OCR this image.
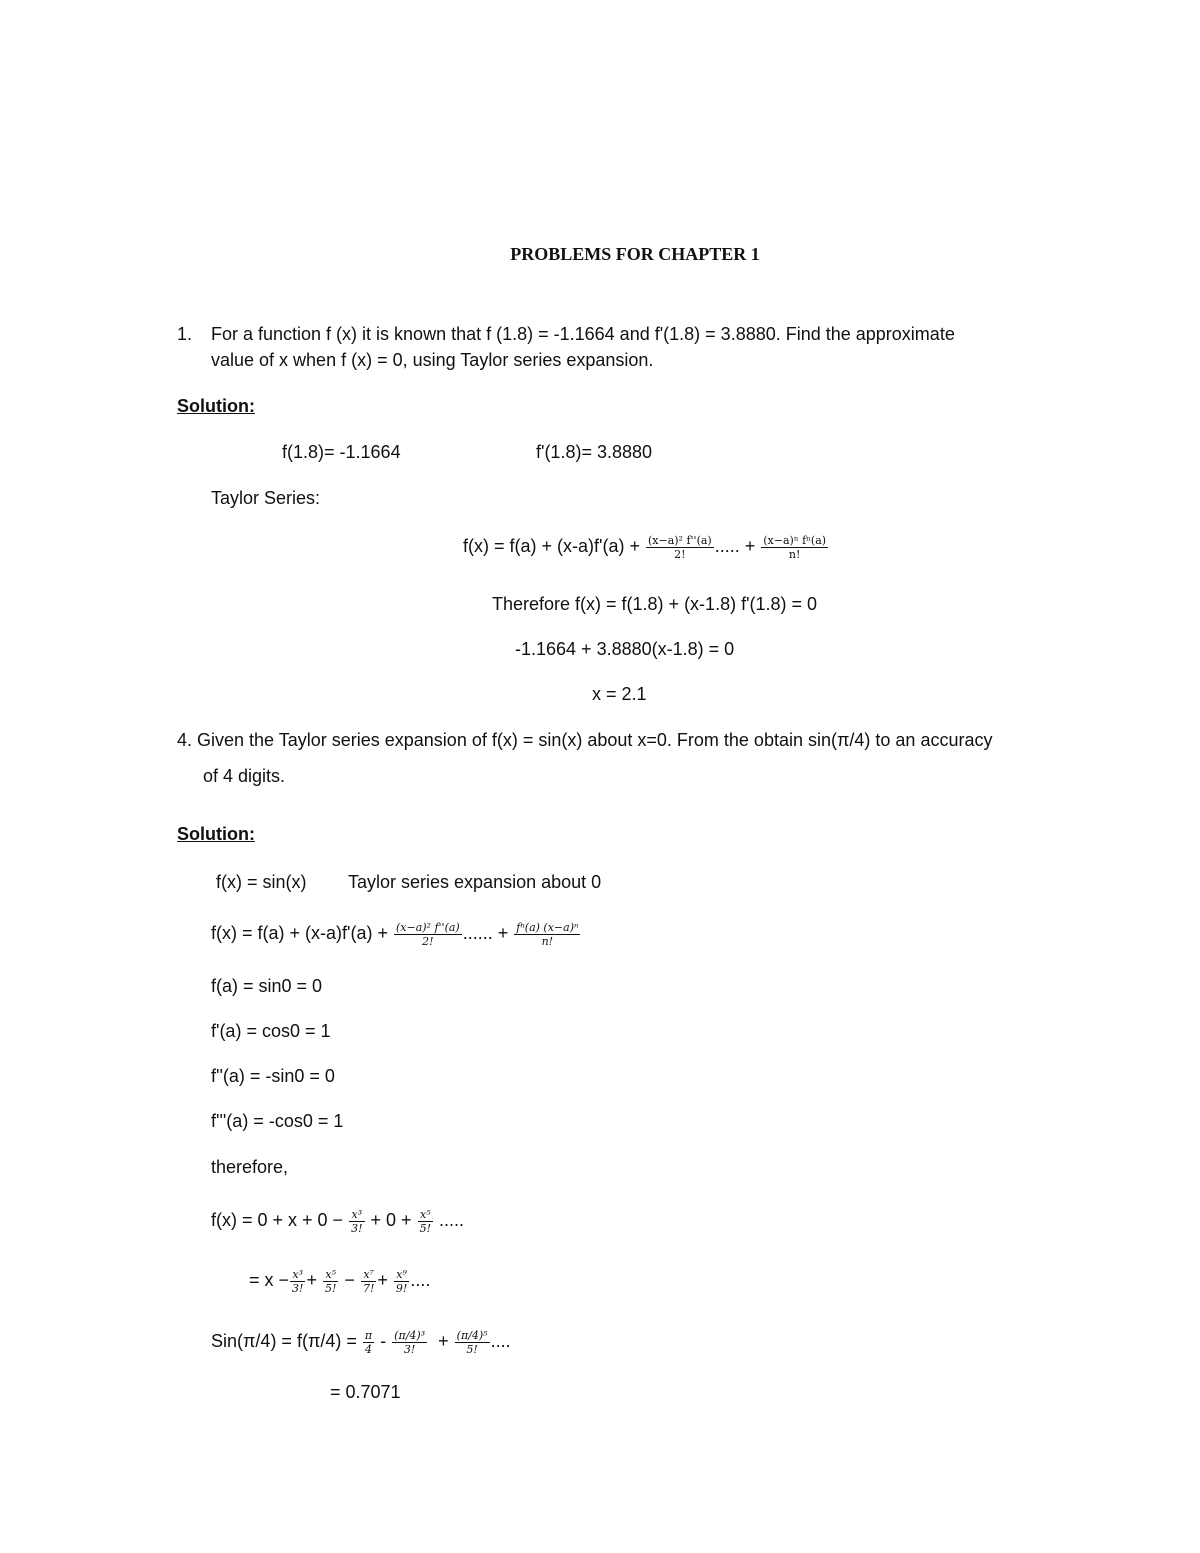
PROBLEMS FOR CHAPTER 1
1. For a function f (x) it is known that f (1.8) = -1.1664 and f'(1.8) = 3.8880. Find the approximate
value of x when f (x) = 0, using Taylor series expansion.
Solution:
f(1.8)= -1.1664	f'(1.8)= 3.8880
Taylor Series:
$f(x) = f(a) + (x-a)f'(a) + \frac{\text{(x−a)² f''(a)}}{2!}$ ..... + $\frac{\text{(x−a)ⁿ fⁿ(a)}}{n!}$
Therefore f(x) = f(1.8) + (x-1.8) f'(1.8) = 0
-1.1664 + 3.8880(x-1.8) = 0
x = 2.1
4. Given the Taylor series expansion of f(x) = sin(x) about x=0. From the obtain sin(π/4) to an accuracy
of 4 digits.
Solution:
f(x) = sin(x) Taylor series expansion about 0
$f(x) = f(a) + (x-a)f'(a) + \frac{\text{(x−a)² f''(a)}}{2!}$ ...... + $\frac{\text{fⁿ(a) (x−a)ⁿ}}{n!}$
f(a) = sin0 = 0
f'(a) = cos0 = 1
f''(a) = -sin0 = 0
f'''(a) = -cos0 = 1
therefore,
$f(x) = 0 + x + 0 - \frac{\text{x³}}{3!} + 0 + \frac{\text{x⁵}}{5!}$ .....
= $x - \frac{\text{x³}}{3!} + \frac{\text{x⁵}}{5!} - \frac{\text{x⁷}}{7!} + \frac{\text{x⁹}}{9!}$ ....
$Sin(\pi/4) = f(\pi/4) = \frac{\pi}{4} - \frac{\text{(π/4)³}}{3!} + \frac{\text{(π/4)⁵}}{5!}$ ....
= 0.7071
